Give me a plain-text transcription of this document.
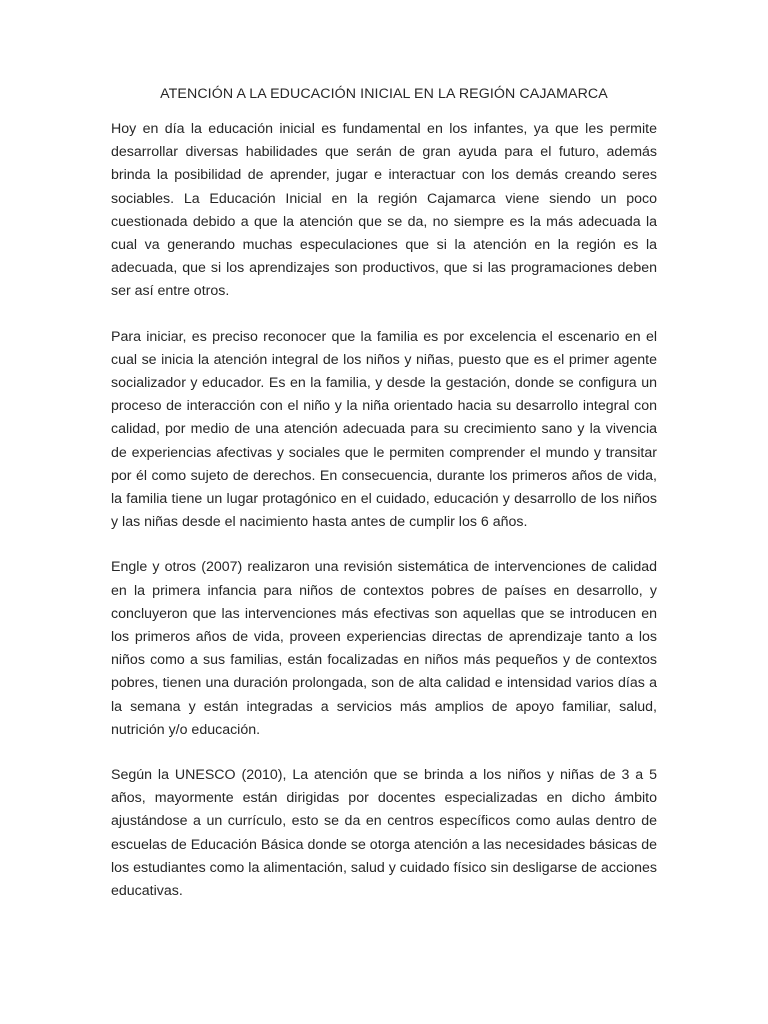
ATENCIÓN A LA EDUCACIÓN INICIAL EN LA REGIÓN CAJAMARCA

Hoy en día la educación inicial es fundamental en los infantes, ya que les permite desarrollar diversas habilidades que serán de gran ayuda para el futuro, además brinda la posibilidad de aprender, jugar e interactuar con los demás creando seres sociables. La Educación Inicial en la región Cajamarca viene siendo un poco cuestionada debido a que la atención que se da, no siempre es la más adecuada la cual va generando muchas especulaciones que si la atención en la región es la adecuada, que si los aprendizajes son productivos, que si las programaciones deben ser así entre otros.

Para iniciar, es preciso reconocer que la familia es por excelencia el escenario en el cual se inicia la atención integral de los niños y niñas, puesto que es el primer agente socializador y educador. Es en la familia, y desde la gestación, donde se configura un proceso de interacción con el niño y la niña orientado hacia su desarrollo integral con calidad, por medio de una atención adecuada para su crecimiento sano y la vivencia de experiencias afectivas y sociales que le permiten comprender el mundo y transitar por él como sujeto de derechos. En consecuencia, durante los primeros años de vida, la familia tiene un lugar protagónico en el cuidado, educación y desarrollo de los niños y las niñas desde el nacimiento hasta antes de cumplir los 6 años.

Engle y otros (2007) realizaron una revisión sistemática de intervenciones de calidad en la primera infancia para niños de contextos pobres de países en desarrollo, y concluyeron que las intervenciones más efectivas son aquellas que se introducen en los primeros años de vida, proveen experiencias directas de aprendizaje tanto a los niños como a sus familias, están focalizadas en niños más pequeños y de contextos pobres, tienen una duración prolongada, son de alta calidad e intensidad varios días a la semana y están integradas a servicios más amplios de apoyo familiar, salud, nutrición y/o educación.

Según la UNESCO (2010), La atención que se brinda a los niños y niñas de 3 a 5 años, mayormente están dirigidas por docentes especializadas en dicho ámbito ajustándose a un currículo, esto se da en centros específicos como aulas dentro de escuelas de Educación Básica donde se otorga atención a las necesidades básicas de los estudiantes como la alimentación, salud y cuidado físico sin desligarse de acciones educativas.
